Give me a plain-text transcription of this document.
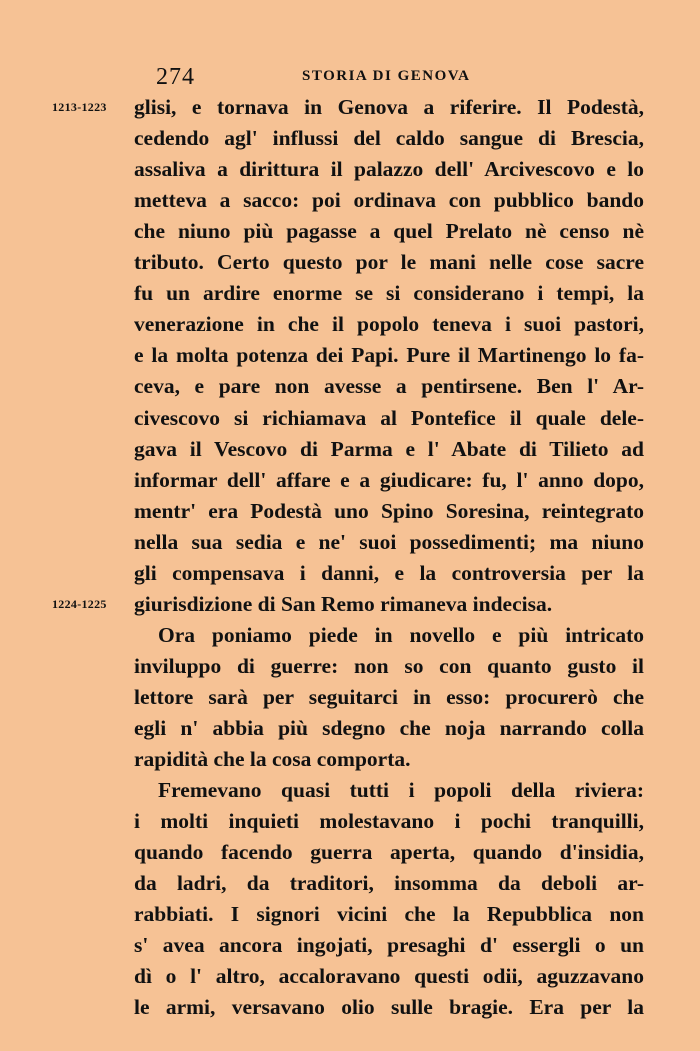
274	STORIA DI GENOVA
1213-1223
1224-1225
glisi, e tornava in Genova a riferire. Il Podestà,
cedendo agl' influssi del caldo sangue di Brescia,
assaliva a dirittura il palazzo dell' Arcivescovo e lo
metteva a sacco: poi ordinava con pubblico bando
che niuno più pagasse a quel Prelato nè censo nè
tributo. Certo questo por le mani nelle cose sacre
fu un ardire enorme se si considerano i tempi, la
venerazione in che il popolo teneva i suoi pastori,
e la molta potenza dei Papi. Pure il Martinengo lo fa-
ceva, e pare non avesse a pentirsene. Ben l' Ar-
civescovo si richiamava al Pontefice il quale dele-
gava il Vescovo di Parma e l' Abate di Tilieto ad
informar dell' affare e a giudicare: fu, l' anno dopo,
mentr' era Podestà uno Spino Soresina, reintegrato
nella sua sedia e ne' suoi possedimenti; ma niuno
gli compensava i danni, e la controversia per la
giurisdizione di San Remo rimaneva indecisa.
Ora poniamo piede in novello e più intricato
inviluppo di guerre: non so con quanto gusto il
lettore sarà per seguitarci in esso: procurerò che
egli n' abbia più sdegno che noja narrando colla
rapidità che la cosa comporta.
Fremevano quasi tutti i popoli della riviera:
i molti inquieti molestavano i pochi tranquilli,
quando facendo guerra aperta, quando d'insidia,
da ladri, da traditori, insomma da deboli ar-
rabbiati. I signori vicini che la Repubblica non
s' avea ancora ingojati, presaghi d' essergli o un
dì o l' altro, accaloravano questi odii, aguzzavano
le armi, versavano olio sulle bragie. Era per la
